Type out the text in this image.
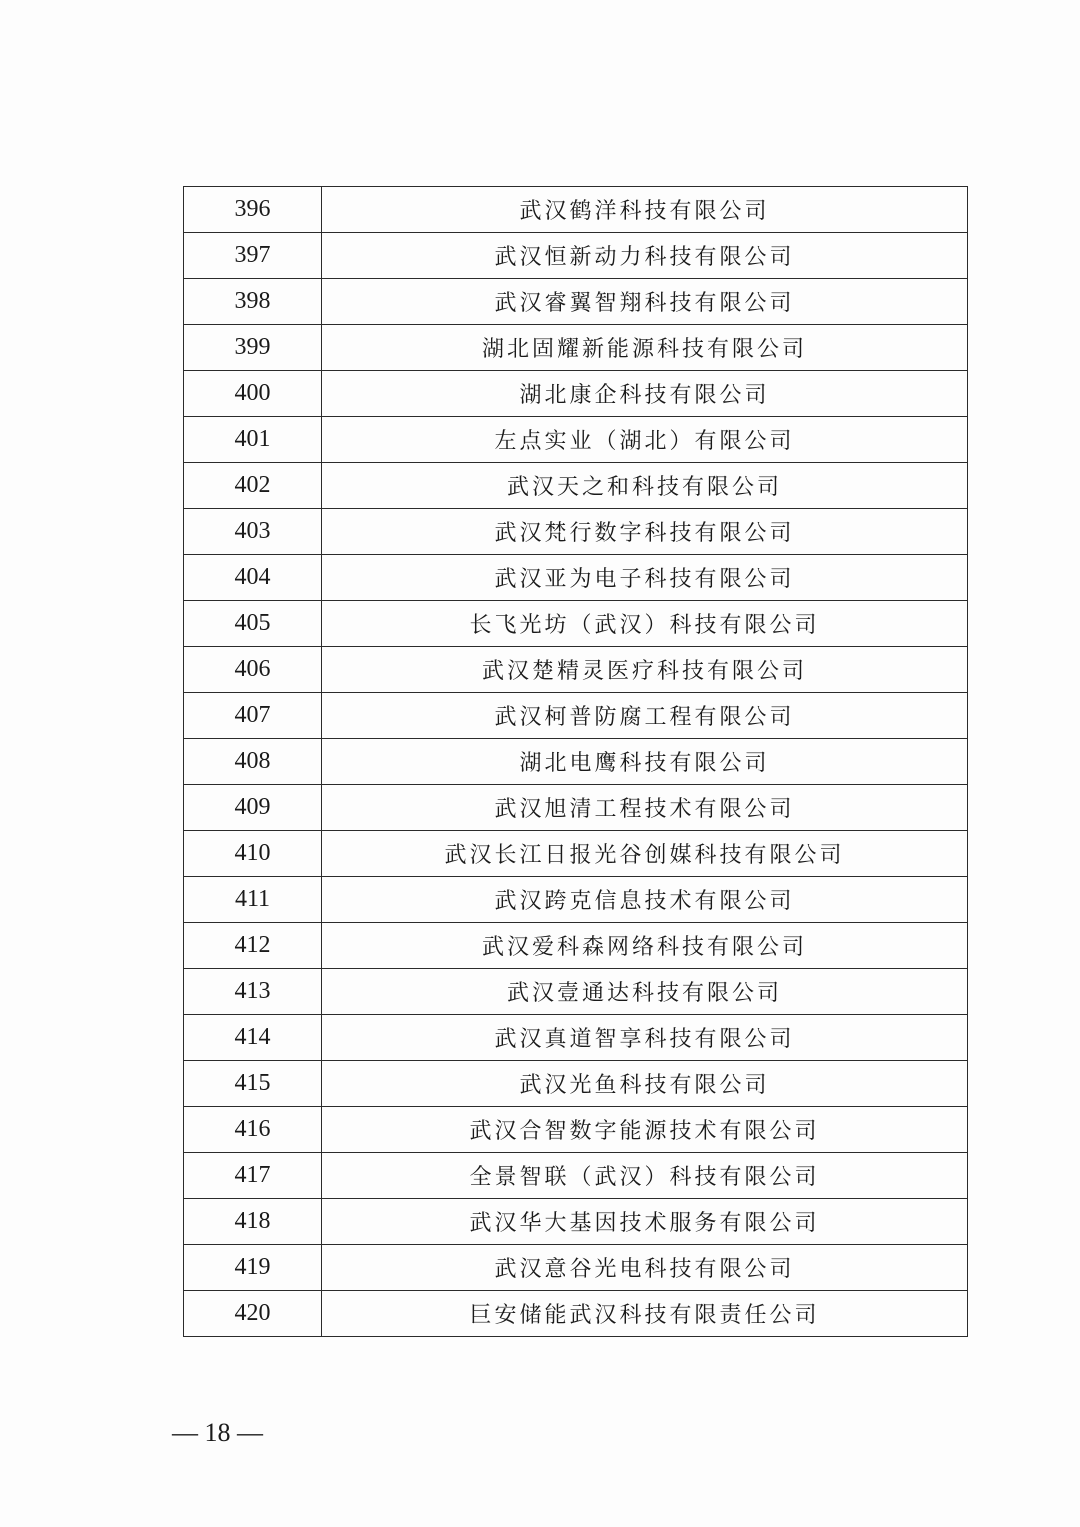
396	武汉鹤洋科技有限公司
397	武汉恒新动力科技有限公司
398	武汉睿翼智翔科技有限公司
399	湖北固耀新能源科技有限公司
400	湖北康企科技有限公司
401	左点实业（湖北）有限公司
402	武汉天之和科技有限公司
403	武汉梵行数字科技有限公司
404	武汉亚为电子科技有限公司
405	长飞光坊（武汉）科技有限公司
406	武汉楚精灵医疗科技有限公司
407	武汉柯普防腐工程有限公司
408	湖北电鹰科技有限公司
409	武汉旭清工程技术有限公司
410	武汉长江日报光谷创媒科技有限公司
411	武汉跨克信息技术有限公司
412	武汉爱科森网络科技有限公司
413	武汉壹通达科技有限公司
414	武汉真道智享科技有限公司
415	武汉光鱼科技有限公司
416	武汉合智数字能源技术有限公司
417	全景智联（武汉）科技有限公司
418	武汉华大基因技术服务有限公司
419	武汉意谷光电科技有限公司
420	巨安储能武汉科技有限责任公司
— 18 —
